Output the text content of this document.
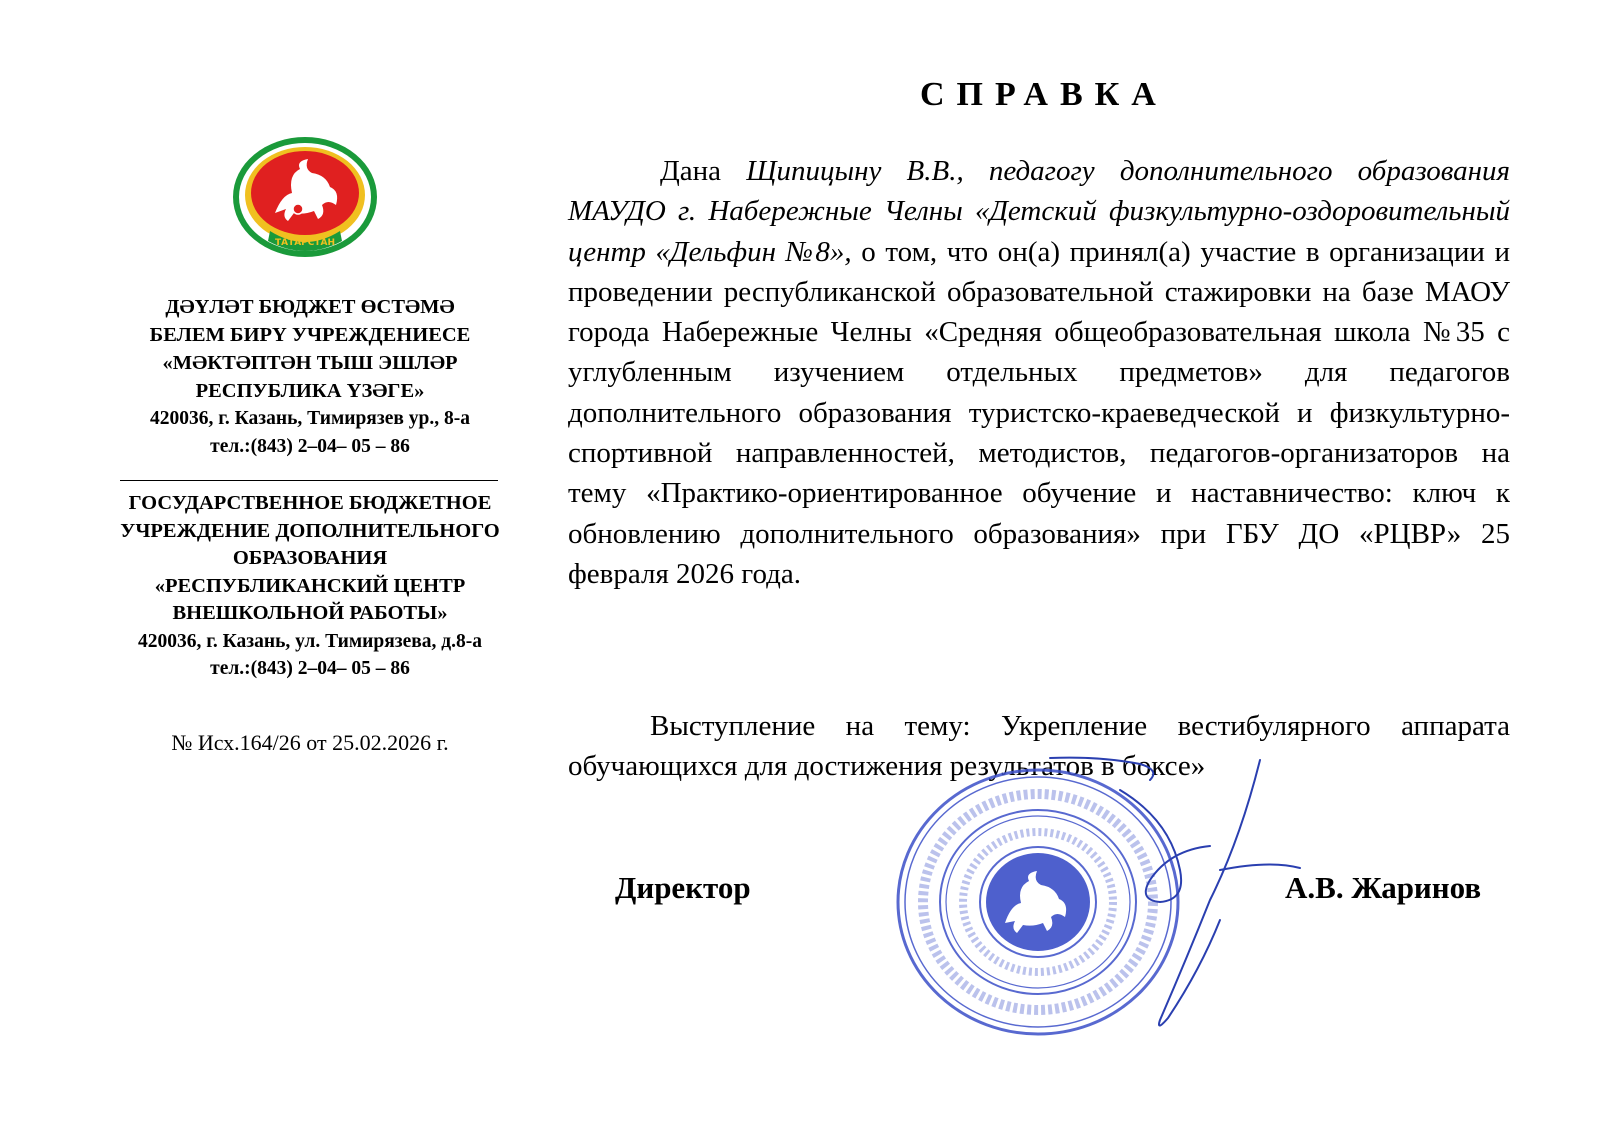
ТАТАРСТАН
ДӘҮЛӘТ БЮДЖЕТ ӨСТӘМӘ
БЕЛЕМ БИРҮ УЧРЕЖДЕНИЕСЕ
«МӘКТӘПТӘН ТЫШ ЭШЛӘР
РЕСПУБЛИКА ҮЗӘГЕ»
420036, г. Казань, Тимирязев ур., 8-а
тел.:(843) 2–04– 05 – 86
ГОСУДАРСТВЕННОЕ БЮДЖЕТНОЕ
УЧРЕЖДЕНИЕ ДОПОЛНИТЕЛЬНОГО
ОБРАЗОВАНИЯ
«РЕСПУБЛИКАНСКИЙ ЦЕНТР
ВНЕШКОЛЬНОЙ РАБОТЫ»
420036, г. Казань, ул. Тимирязева, д.8-а
тел.:(843) 2–04– 05 – 86
№ Исх.164/26 от 25.02.2026 г.
СПРАВКА

Дана Щипицыну В.В., педагогу дополнительного образования МАУДО г. Набережные Челны «Детский физкультурно-оздоровительный центр «Дельфин №8», о том, что он(а) принял(а) участие в организации и проведении республиканской образовательной стажировки на базе МАОУ города Набережные Челны «Средняя общеобразовательная школа №35 с углубленным изучением отдельных предметов» для педагогов дополнительного образования туристско-краеведческой и физкультурно-спортивной направленностей, методистов, педагогов-организаторов на тему «Практико-ориентированное обучение и наставничество: ключ к обновлению дополнительного образования» при ГБУ ДО «РЦВР» 25 февраля 2026 года.

Выступление на тему: Укрепление вестибулярного аппарата обучающихся для достижения результатов в боксе»

Директор	А.В. Жаринов
